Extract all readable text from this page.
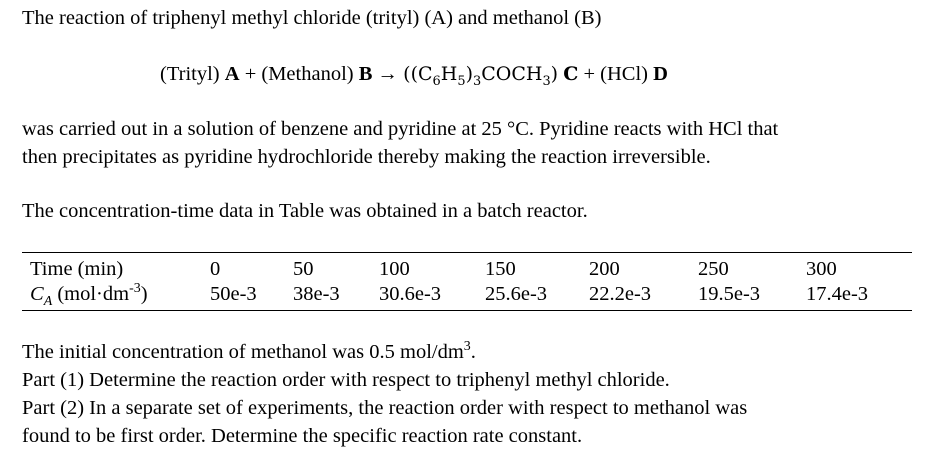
The reaction of triphenyl methyl chloride (trityl) (A) and methanol (B)
(Trityl) A + (Methanol) $B \to ((C_6H_5)_3COCH_3) C + (HCl)$ D
was carried out in a solution of benzene and pyridine at 25 °C. Pyridine reacts with HCl that
then precipitates as pyridine hydrochloride thereby making the reaction irreversible.
The concentration-time data in Table was obtained in a batch reactor.
Time (min)	0	50	100	150	200	250	300
$C_A$ $(mol\cdot dm^{-3})$	50e-3	38e-3	30.6e-3	25.6e-3	22.2e-3	19.5e-3	17.4e-3
The initial concentration of methanol was 0.5 mol/$dm^3$.
Part (1) Determine the reaction order with respect to triphenyl methyl chloride.
Part (2) In a separate set of experiments, the reaction order with respect to methanol was
found to be first order. Determine the specific reaction rate constant.
